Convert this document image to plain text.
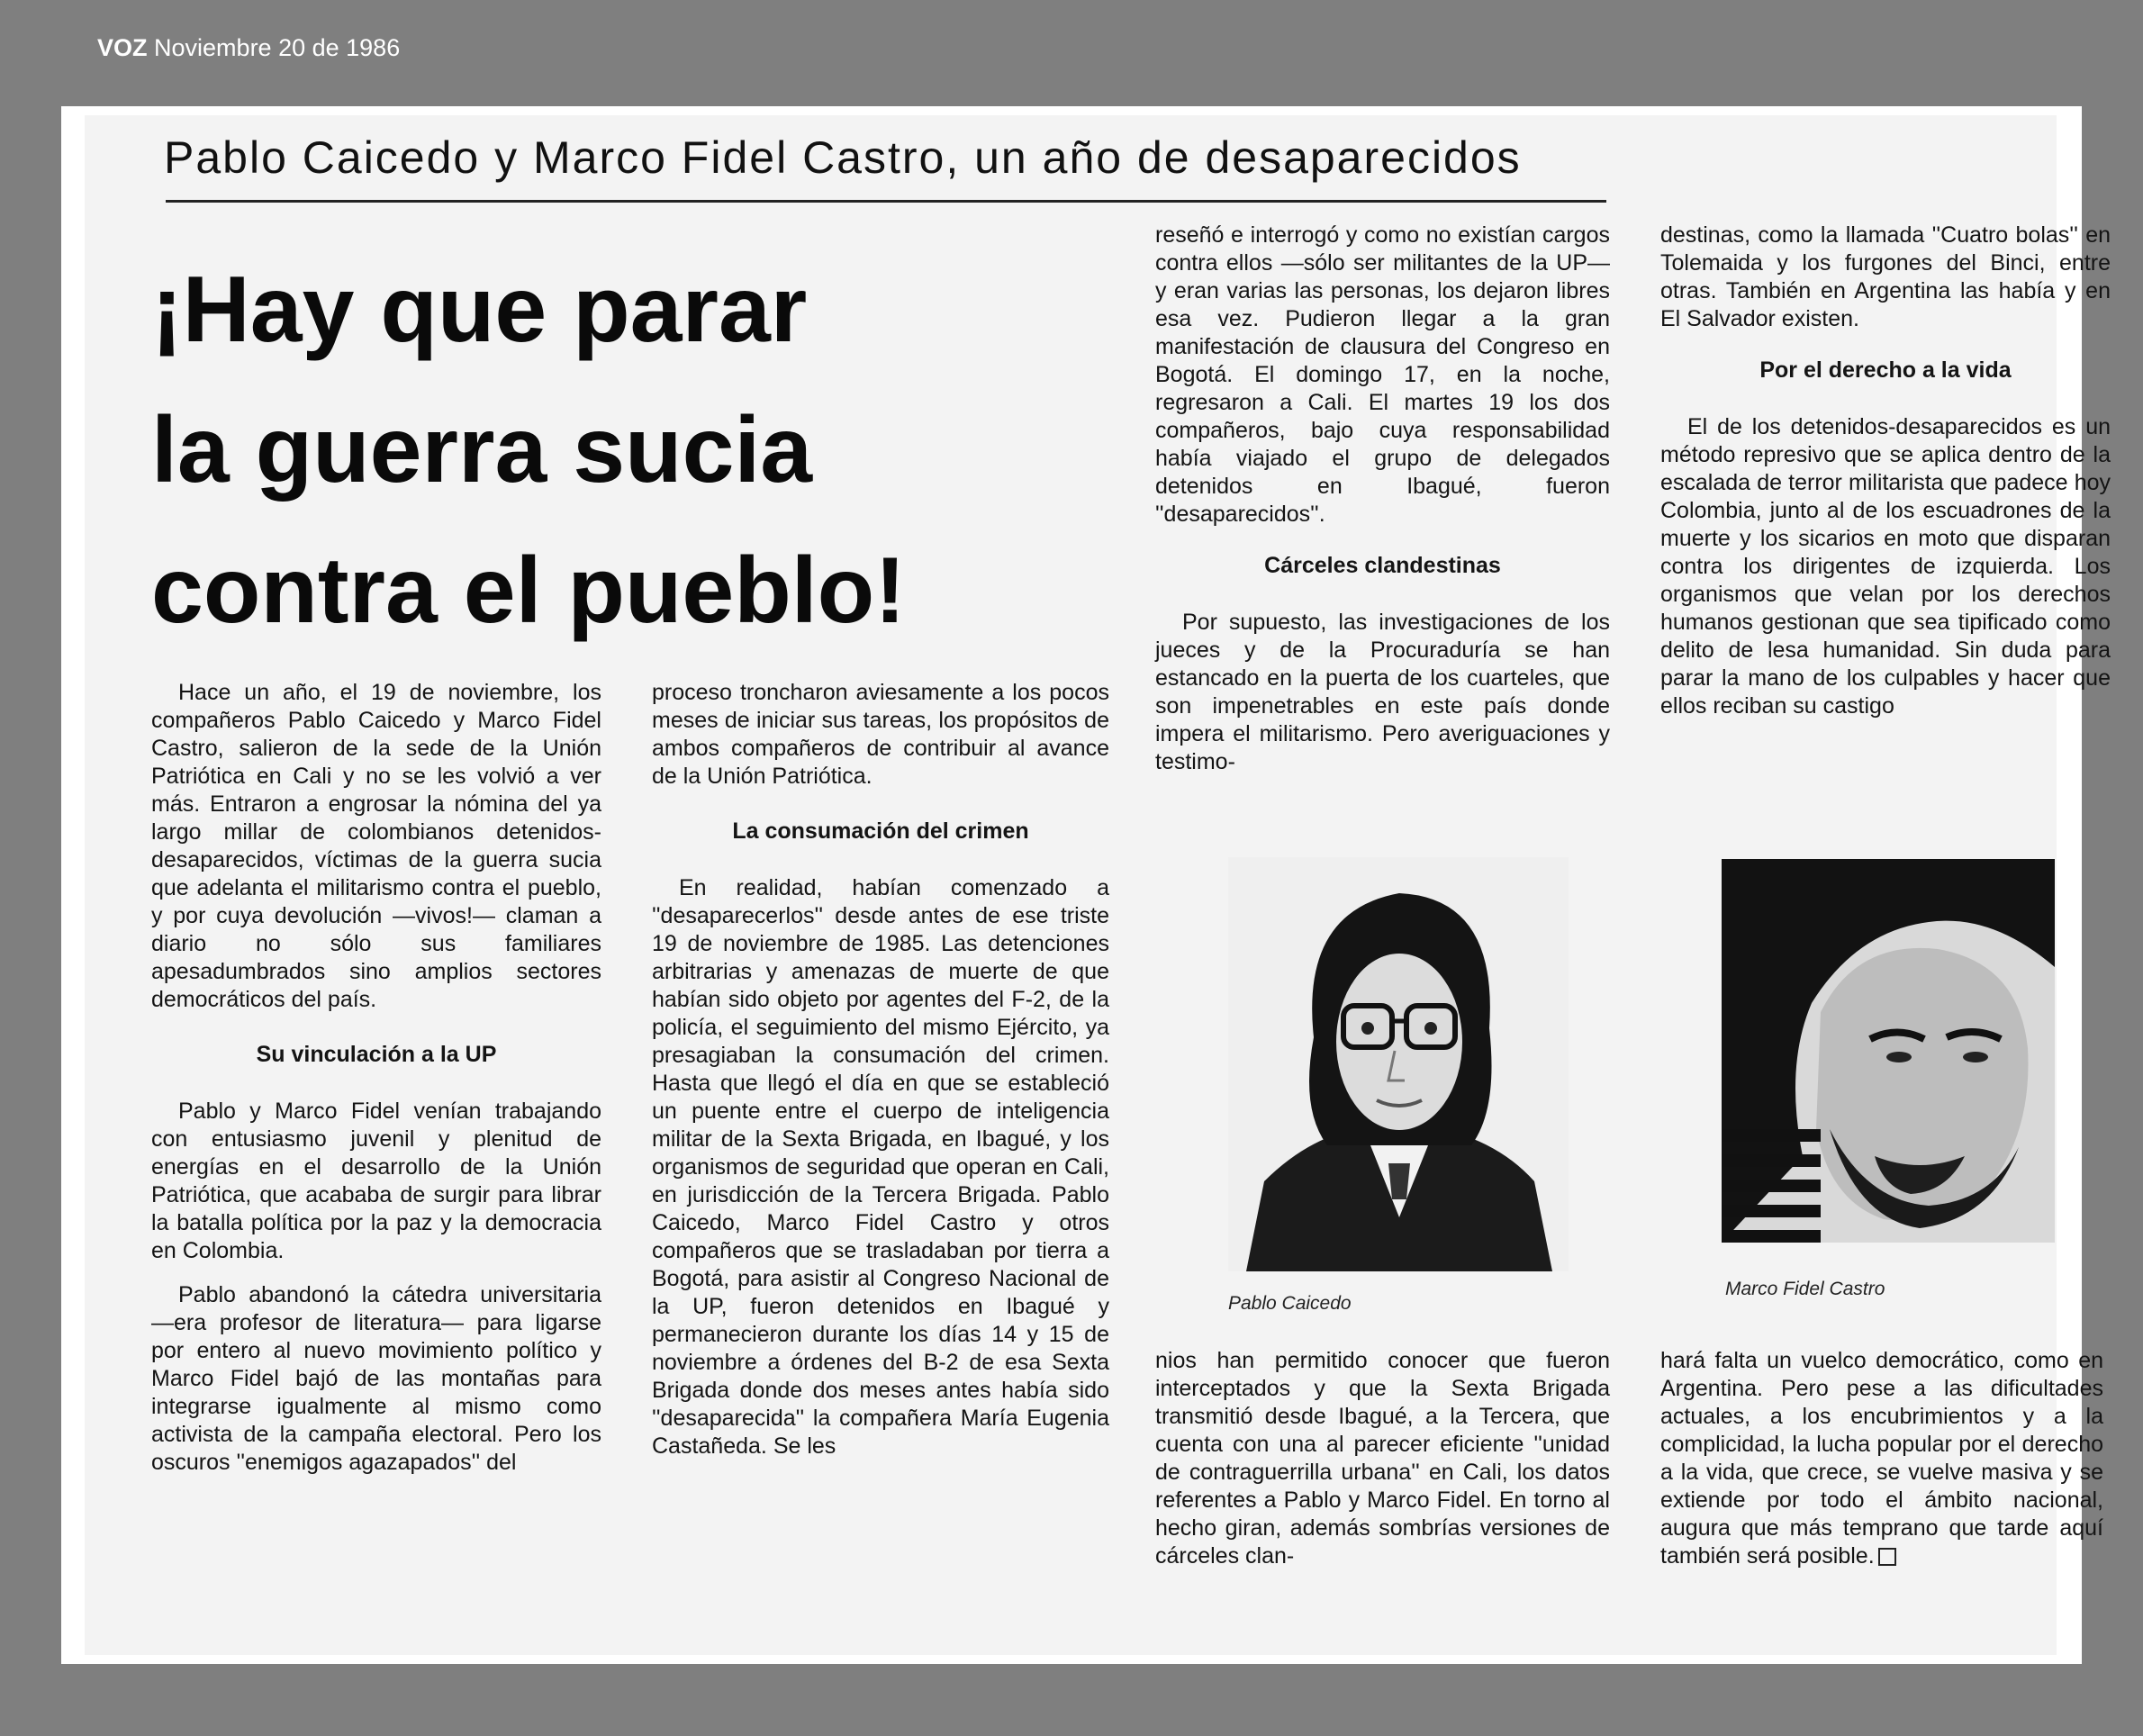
VOZ Noviembre 20 de 1986
Pablo Caicedo y Marco Fidel Castro, un año de desaparecidos
¡Hay que parar
la guerra sucia
contra el pueblo!

Hace un año, el 19 de noviembre, los compañeros Pablo Caicedo y Marco Fidel Castro, salieron de la sede de la Unión Patriótica en Cali y no se les volvió a ver más. Entraron a engrosar la nómina del ya largo millar de colombianos detenidos-desaparecidos, víctimas de la guerra sucia que adelanta el militarismo contra el pueblo, y por cuya devolución —vivos!— claman a diario no sólo sus familiares apesadumbrados sino amplios sectores democráticos del país.

Su vinculación a la UP

Pablo y Marco Fidel venían trabajando con entusiasmo juvenil y plenitud de energías en el desarrollo de la Unión Patriótica, que acababa de surgir para librar la batalla política por la paz y la democracia en Colombia.

Pablo abandonó la cátedra universitaria —era profesor de literatura— para ligarse por entero al nuevo movimiento político y Marco Fidel bajó de las montañas para integrarse igualmente al mismo como activista de la campaña electoral. Pero los oscuros ''enemigos agazapados'' del

proceso troncharon aviesamente a los pocos meses de iniciar sus tareas, los propósitos de ambos compañeros de contribuir al avance de la Unión Patriótica.

La consumación del crimen

En realidad, habían comenzado a ''desaparecerlos'' desde antes de ese triste 19 de noviembre de 1985. Las detenciones arbitrarias y amenazas de muerte de que habían sido objeto por agentes del F-2, de la policía, el seguimiento del mismo Ejército, ya presagiaban la consumación del crimen. Hasta que llegó el día en que se estableció un puente entre el cuerpo de inteligencia militar de la Sexta Brigada, en Ibagué, y los organismos de seguridad que operan en Cali, en jurisdicción de la Tercera Brigada. Pablo Caicedo, Marco Fidel Castro y otros compañeros que se trasladaban por tierra a Bogotá, para asistir al Congreso Nacional de la UP, fueron detenidos en Ibagué y permanecieron durante los días 14 y 15 de noviembre a órdenes del B-2 de esa Sexta Brigada donde dos meses antes había sido ''desaparecida'' la compañera María Eugenia Castañeda. Se les

reseñó e interrogó y como no existían cargos contra ellos —sólo ser militantes de la UP— y eran varias las personas, los dejaron libres esa vez. Pudieron llegar a la gran manifestación de clausura del Congreso en Bogotá. El domingo 17, en la noche, regresaron a Cali. El martes 19 los dos compañeros, bajo cuya responsabilidad había viajado el grupo de delegados detenidos en Ibagué, fueron ''desaparecidos''.

Cárceles clandestinas

Por supuesto, las investigaciones de los jueces y de la Procuraduría se han estancado en la puerta de los cuarteles, que son impenetrables en este país donde impera el militarismo. Pero averiguaciones y testimo-

nios han permitido conocer que fueron interceptados y que la Sexta Brigada transmitió desde Ibagué, a la Tercera, que cuenta con una al parecer eficiente ''unidad de contraguerrilla urbana'' en Cali, los datos referentes a Pablo y Marco Fidel. En torno al hecho giran, además sombrías versiones de cárceles clan-

destinas, como la llamada ''Cuatro bolas'' en Tolemaida y los furgones del Binci, entre otras. También en Argentina las había y en El Salvador existen.

Por el derecho a la vida

El de los detenidos-desaparecidos es un método represivo que se aplica dentro de la escalada de terror militarista que padece hoy Colombia, junto al de los escuadrones de la muerte y los sicarios en moto que disparan contra los dirigentes de izquierda. Los organismos que velan por los derechos humanos gestionan que sea tipificado como delito de lesa humanidad. Sin duda para parar la mano de los culpables y hacer que ellos reciban su castigo

hará falta un vuelco democrático, como en Argentina. Pero pese a las dificultades actuales, a los encubrimientos y a la complicidad, la lucha popular por el derecho a la vida, que crece, se vuelve masiva y se extiende por todo el ámbito nacional, augura que más temprano que tarde aquí también será posible.

Pablo Caicedo
Marco Fidel Castro
